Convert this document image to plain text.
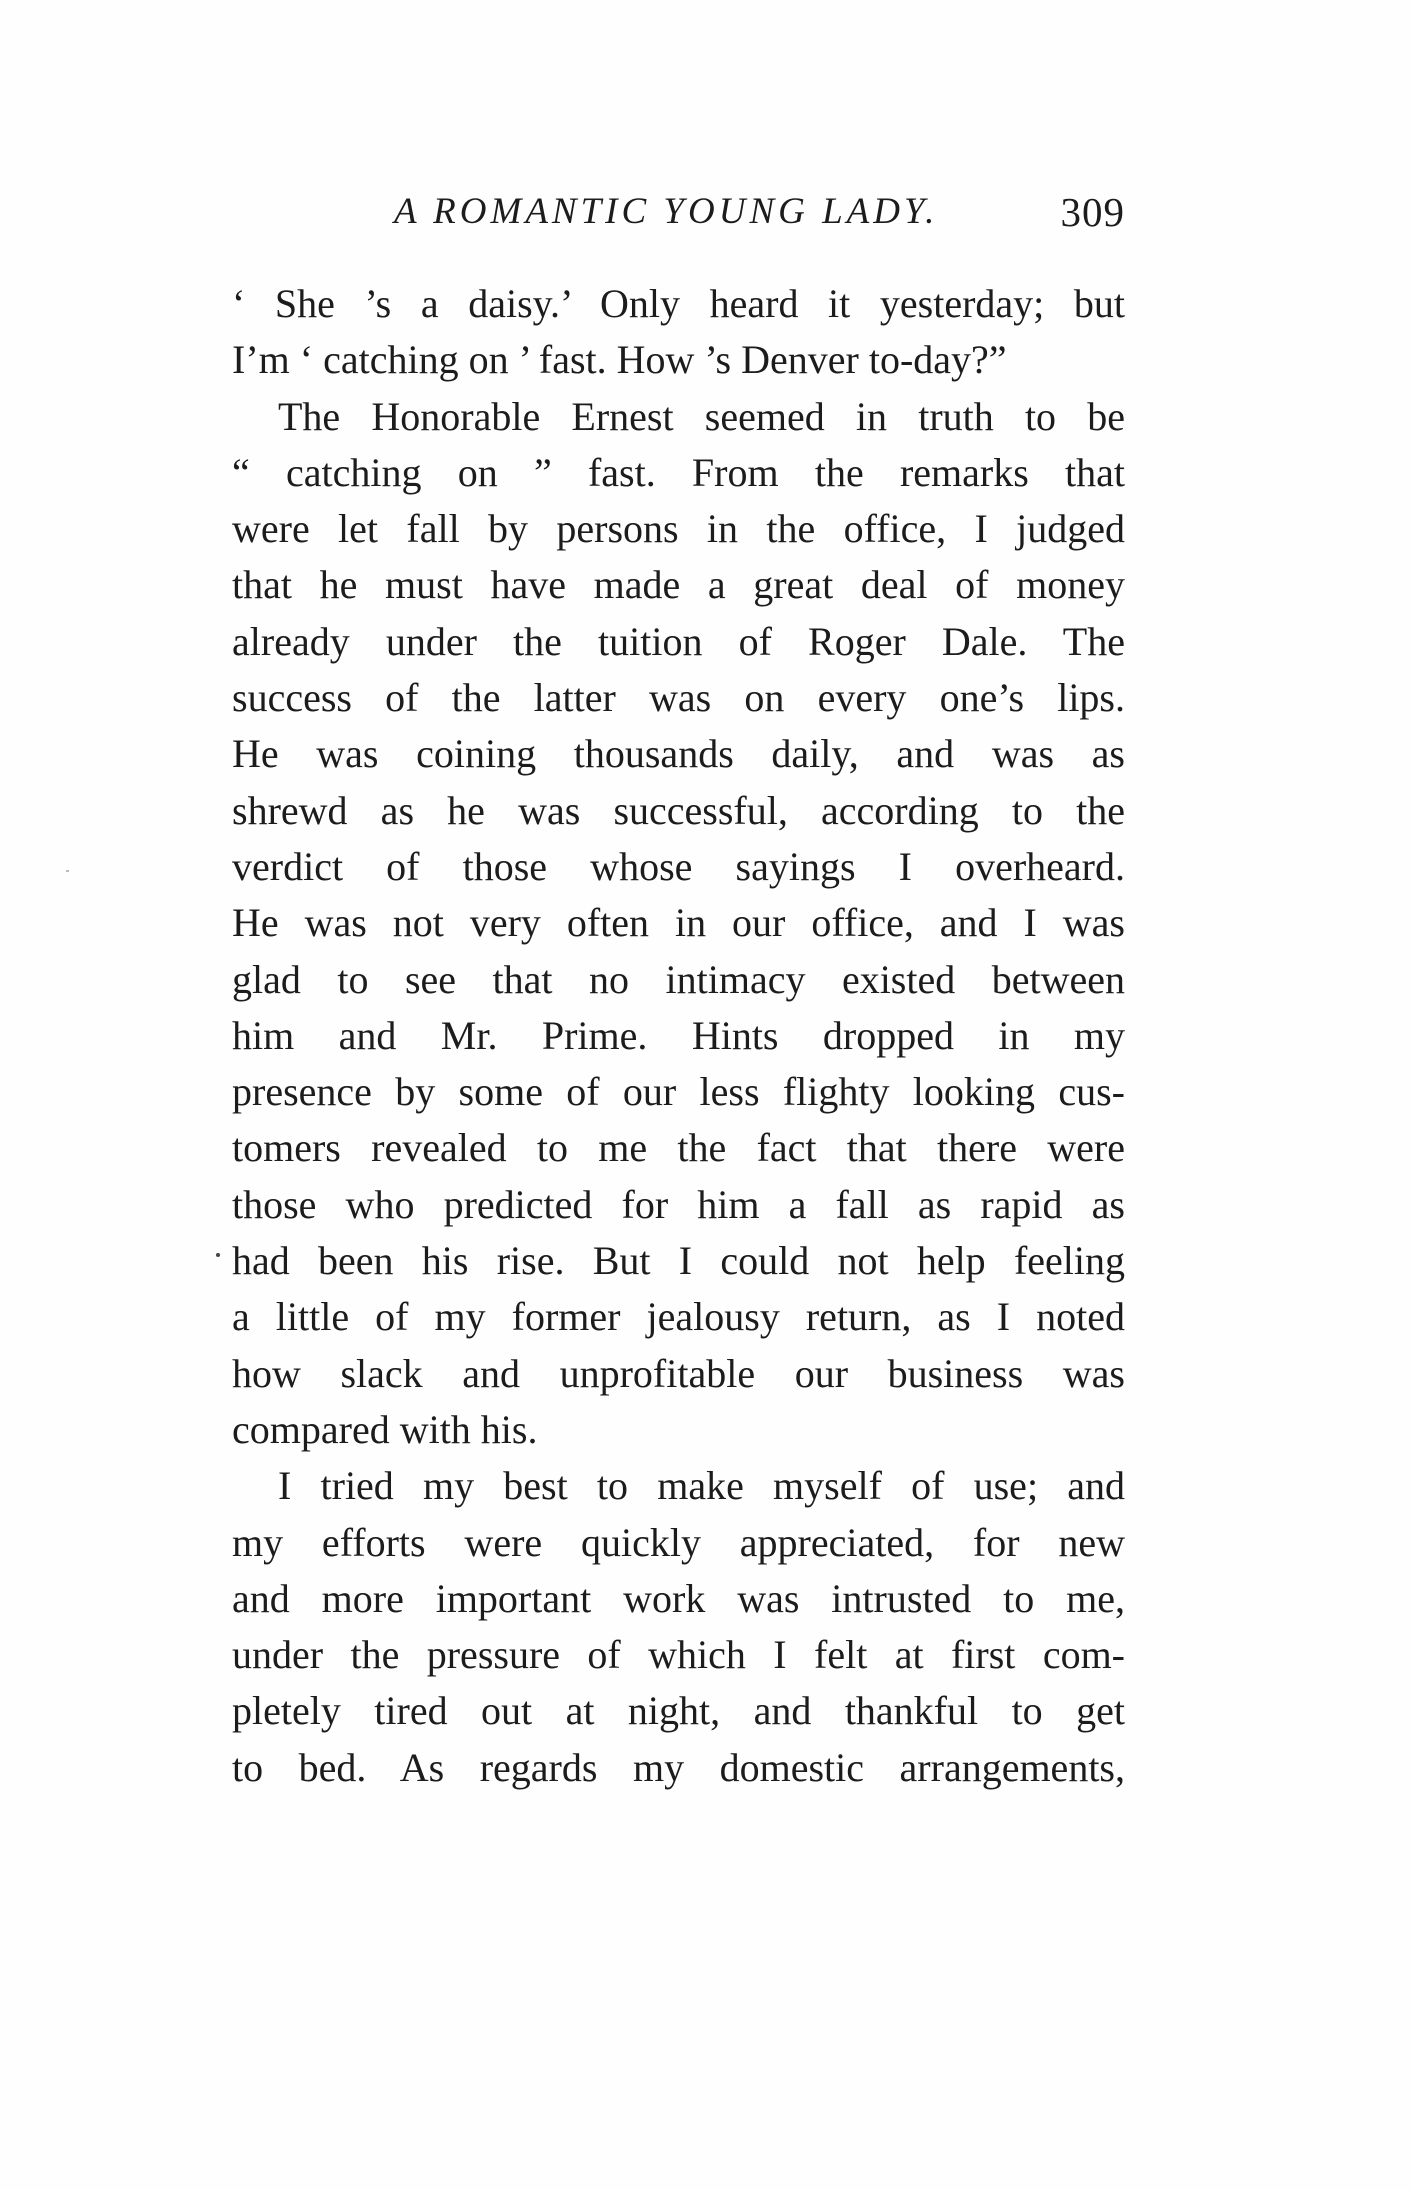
A ROMANTIC YOUNG LADY.	309
‘ She ’s a daisy.’ Only heard it yesterday; but
I’m ‘ catching on ’ fast. How ’s Denver to-day?”
The Honorable Ernest seemed in truth to be
“ catching on ” fast. From the remarks that
were let fall by persons in the office, I judged
that he must have made a great deal of money
already under the tuition of Roger Dale. The
success of the latter was on every one’s lips.
He was coining thousands daily, and was as
shrewd as he was successful, according to the
verdict of those whose sayings I overheard.
He was not very often in our office, and I was
glad to see that no intimacy existed between
him and Mr. Prime. Hints dropped in my
presence by some of our less flighty looking cus-
tomers revealed to me the fact that there were
those who predicted for him a fall as rapid as
had been his rise. But I could not help feeling
a little of my former jealousy return, as I noted
how slack and unprofitable our business was
compared with his.
I tried my best to make myself of use; and
my efforts were quickly appreciated, for new
and more important work was intrusted to me,
under the pressure of which I felt at first com-
pletely tired out at night, and thankful to get
to bed. As regards my domestic arrangements,
